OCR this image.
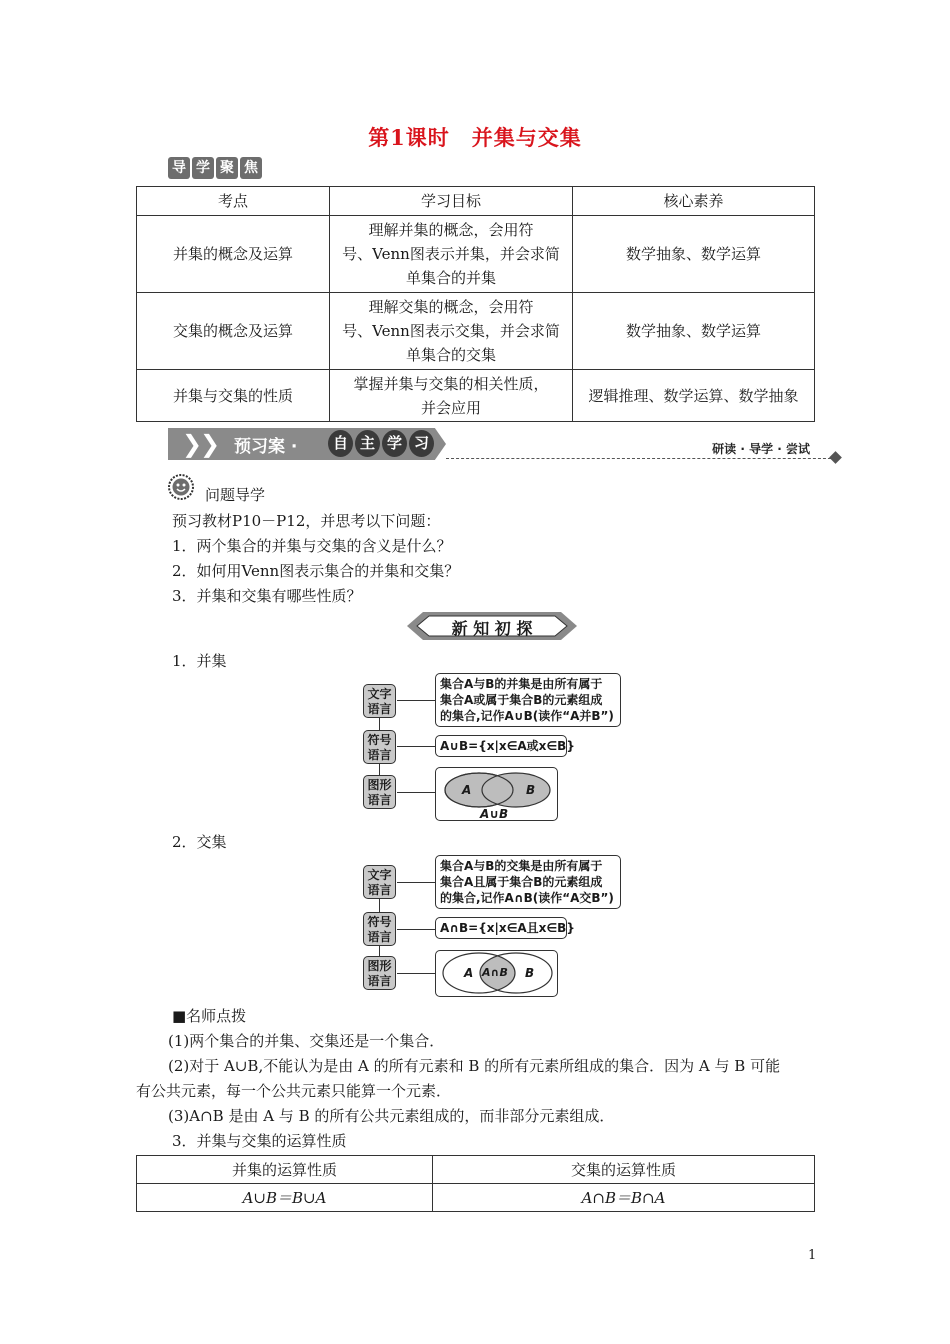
第1课时　并集与交集
导 学 聚 焦
考点	学习目标	核心素养
并集的概念及运算	理解并集的概念，会用符
号、Venn图表示并集，并会求简
单集合的并集	数学抽象、数学运算
交集的概念及运算	理解交集的概念，会用符
号、Venn图表示交集，并会求简
单集合的交集	数学抽象、数学运算
并集与交集的性质	掌握并集与交集的相关性质，
并会应用	逻辑推理、数学运算、数学抽象
❯
❯ 预习案 ·	自 主 学 习	研读 · 导学 · 尝试
问题导学
预习教材P10－P12，并思考以下问题：
1．两个集合的并集与交集的含义是什么？
2．如何用Venn图表示集合的并集和交集？
3．并集和交集有哪些性质？
新 知 初 探
1．并集
文字语言
符号语言
图形语言
集合A与B的并集是由所有属于
集合A或属于集合B的元素组成
的集合,记作A∪B(读作“A并B”)
A∪B={x|x∈A或x∈B}
A	B
A∪B
2．交集
文字语言
符号语言
图形语言
集合A与B的交集是由所有属于
集合A且属于集合B的元素组成
的集合,记作A∩B(读作“A交B”)
A∩B={x|x∈A且x∈B}
A A∩B B
■名师点拨
(1)两个集合的并集、交集还是一个集合．
(2)对于 A∪B,不能认为是由 A 的所有元素和 B 的所有元素所组成的集合．因为 A 与 B 可能
有公共元素，每一个公共元素只能算一个元素．
(3)A∩B 是由 A 与 B 的所有公共元素组成的，而非部分元素组成．
3．并集与交集的运算性质
并集的运算性质	交集的运算性质
A∪B＝B∪A	A∩B＝B∩A
1
